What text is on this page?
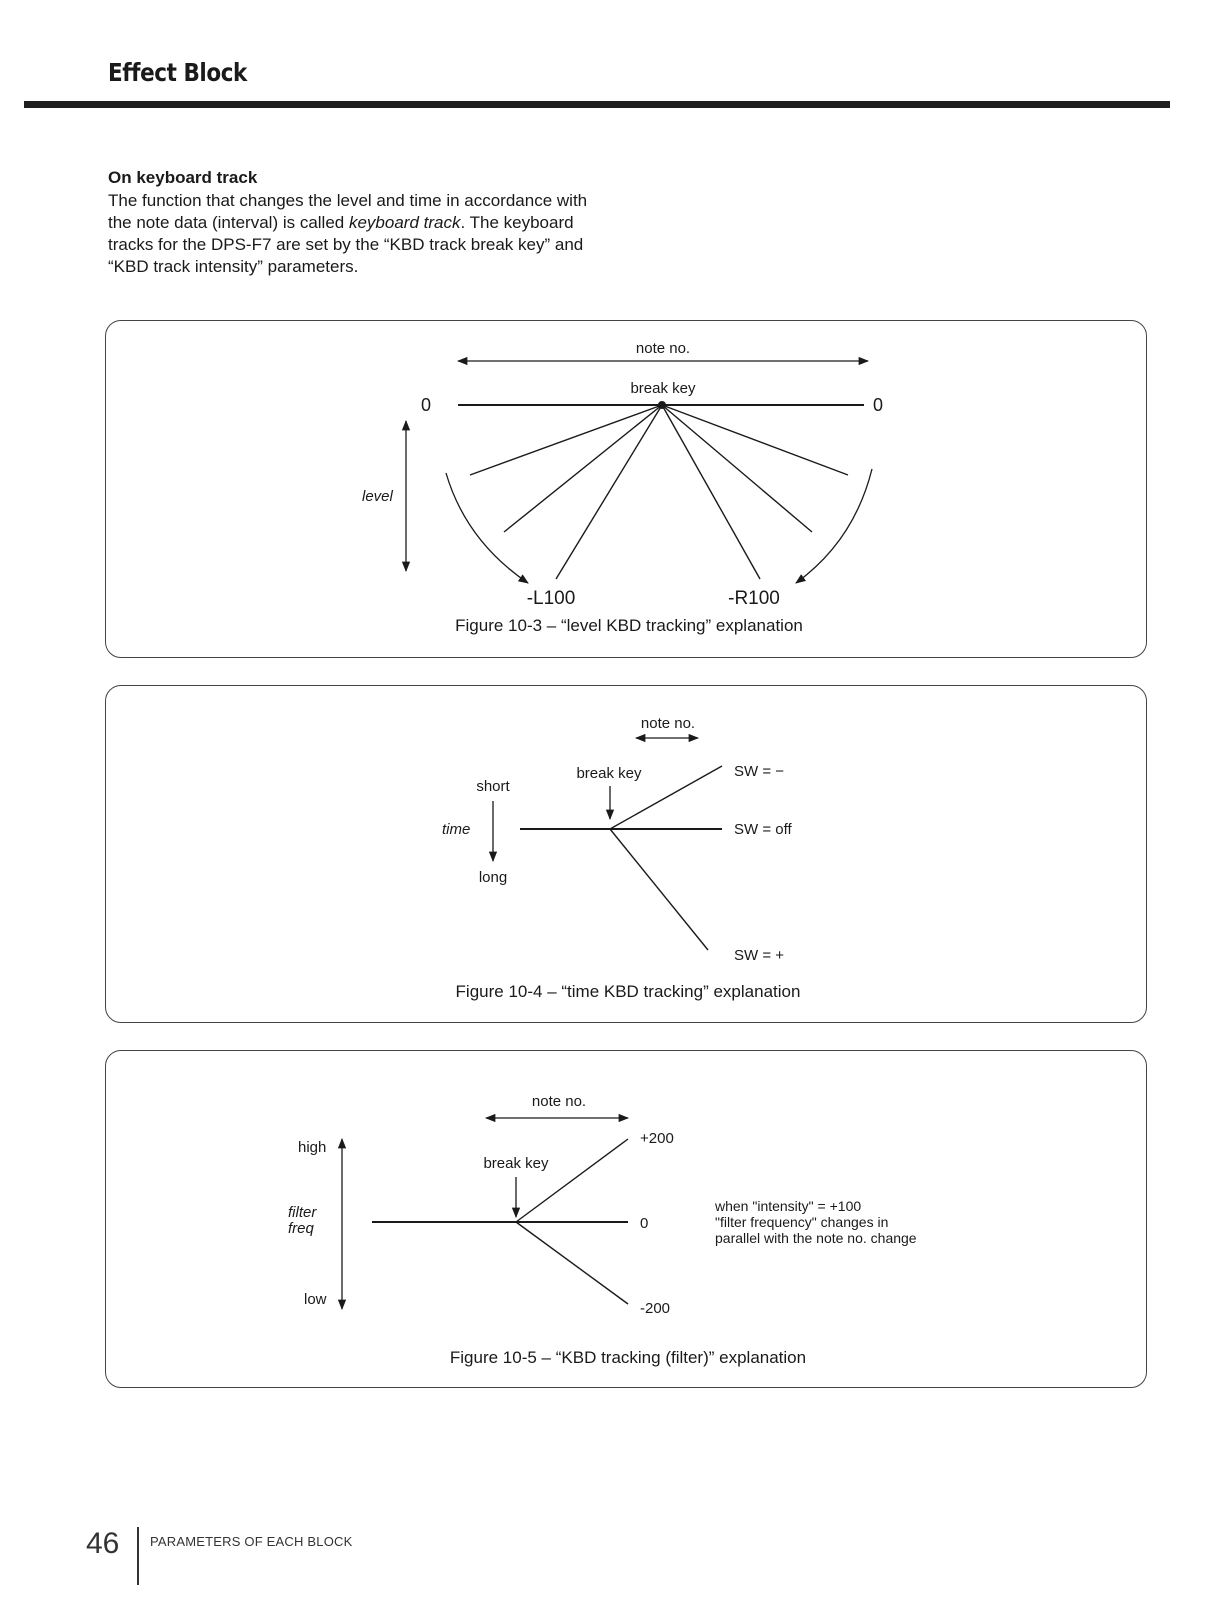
Effect Block
On keyboard track
The function that changes the level and time in accordance with the note data (interval) is called keyboard track. The keyboard tracks for the DPS-F7 are set by the “KBD track break key” and “KBD track intensity” parameters.
note no.
break key
0	0
level
-L100	-R100
Figure 10-3 – “level KBD tracking” explanation
note no.
break key
short
time
long
SW = −
SW = off
SW = +
Figure 10-4 – “time KBD tracking” explanation
note no.
break key
high
filter
freq
low
+200
0
-200
when "intensity" = +100
"filter frequency" changes in
parallel with the note no. change
Figure 10-5 – “KBD tracking (filter)” explanation
46 PARAMETERS OF EACH BLOCK
